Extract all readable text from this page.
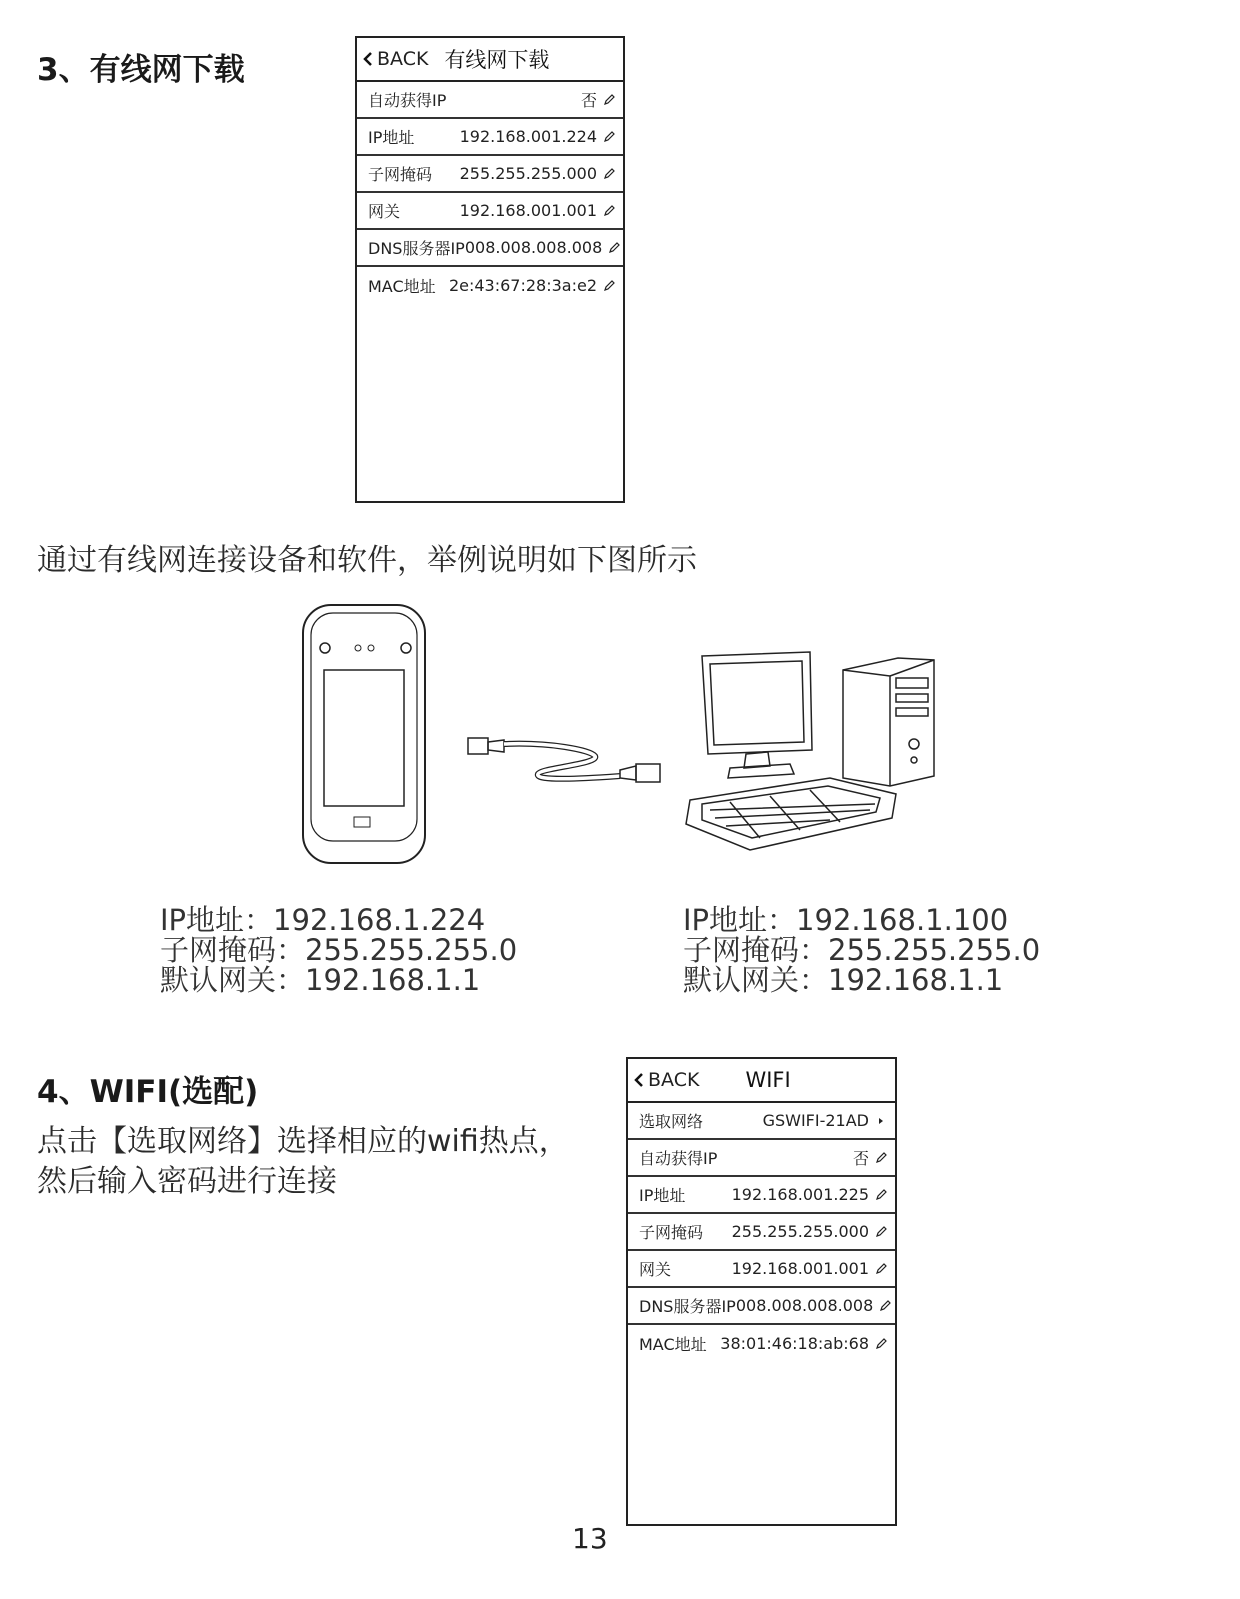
3、有线网下载	BACK 有线网下载
自动获得IP	否
IP地址	192.168.001.224
子网掩码	255.255.255.000
网关	192.168.001.001
DNS服务器IP 008.008.008.008
MAC地址 2e:43:67:28:3a:e2
通过有线网连接设备和软件，举例说明如下图所示
IP地址：192.168.1.224
子网掩码：255.255.255.0
默认网关：192.168.1.1
IP地址：192.168.1.100
子网掩码：255.255.255.0
默认网关：192.168.1.1
4、WIFI(选配)
点击【选取网络】选择相应的wifi热点，
然后输入密码进行连接
BACK WIFI
选取网络	GSWIFI-21AD
自动获得IP	否
IP地址	192.168.001.225
子网掩码	255.255.255.000
网关	192.168.001.001
DNS服务器IP 008.008.008.008
MAC地址 38:01:46:18:ab:68
13
